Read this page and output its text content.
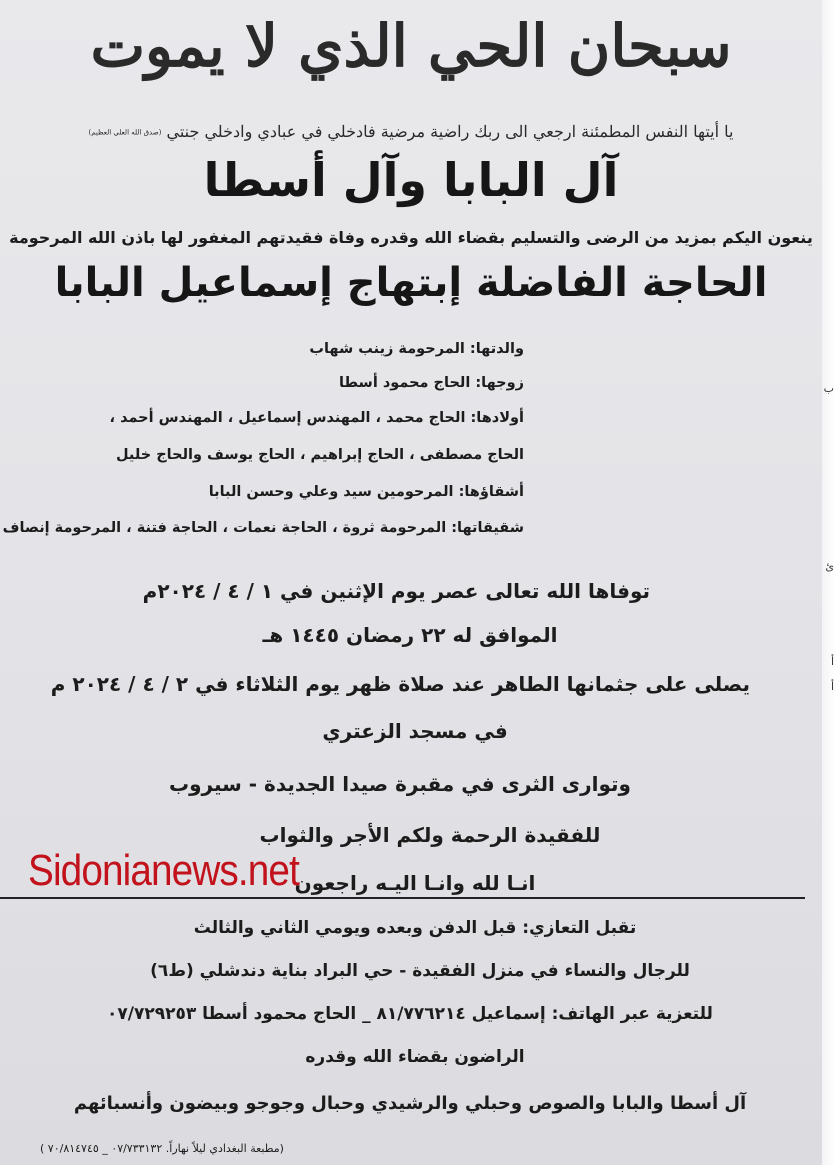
سبحان الحي الذي لا يموت
يا أيتها النفس المطمئنة ارجعي الى ربك راضية مرضية فادخلي في عبادي وادخلي جنتي (صدق الله العلي العظيم)
آل البابا وآل أسطا
ينعون اليكم بمزيد من الرضى والتسليم بقضاء الله وقدره وفاة فقيدتهم المغفور لها باذن الله المرحومة
الحاجة الفاضلة إبتهاج إسماعيل البابا
والدتها: المرحومة زينب شهاب
زوجها: الحاج محمود أسطا
أولادها: الحاج محمد ، المهندس إسماعيل ، المهندس أحمد ،
الحاج مصطفى ، الحاج إبراهيم ، الحاج يوسف والحاج خليل
أشقاؤها: المرحومين سيد وعلي وحسن البابا
شقيقاتها: المرحومة ثروة ، الحاجة نعمات ، الحاجة فتنة ، المرحومة إنصاف
توفاها الله تعالى عصر يوم الإثنين في ١ / ٤ / ٢٠٢٤م
الموافق له ٢٢ رمضان ١٤٤٥ هـ
يصلى على جثمانها الطاهر عند صلاة ظهر يوم الثلاثاء في ٢ / ٤ / ٢٠٢٤ م
في مسجد الزعتري
وتوارى الثرى في مقبرة صيدا الجديدة - سيروب
للفقيدة الرحمة ولكم الأجر والثواب
انـا لله وانـا اليـه راجعون
Sidonianews.net
تقبل التعازي: قبل الدفن وبعده ويومي الثاني والثالث
للرجال والنساء في منزل الفقيدة - حي البراد بناية دندشلي (ط٦)
للتعزية عبر الهاتف: إسماعيل ٨١/٧٧٦٢١٤ _ الحاج محمود أسطا ٠٧/٧٢٩٢٥٣
الراضون بقضاء الله وقدره
آل أسطا والبابا والصوص وحبلي والرشيدي وحبال وجوجو وبيضون وأنسبائهم
(مطبعة البغدادي ليلاً نهاراً. ٠٧/٧٣٣١٣٢ _ ٧٠/٨١٤٧٤٥ )
ب
ئ
أ
أ
